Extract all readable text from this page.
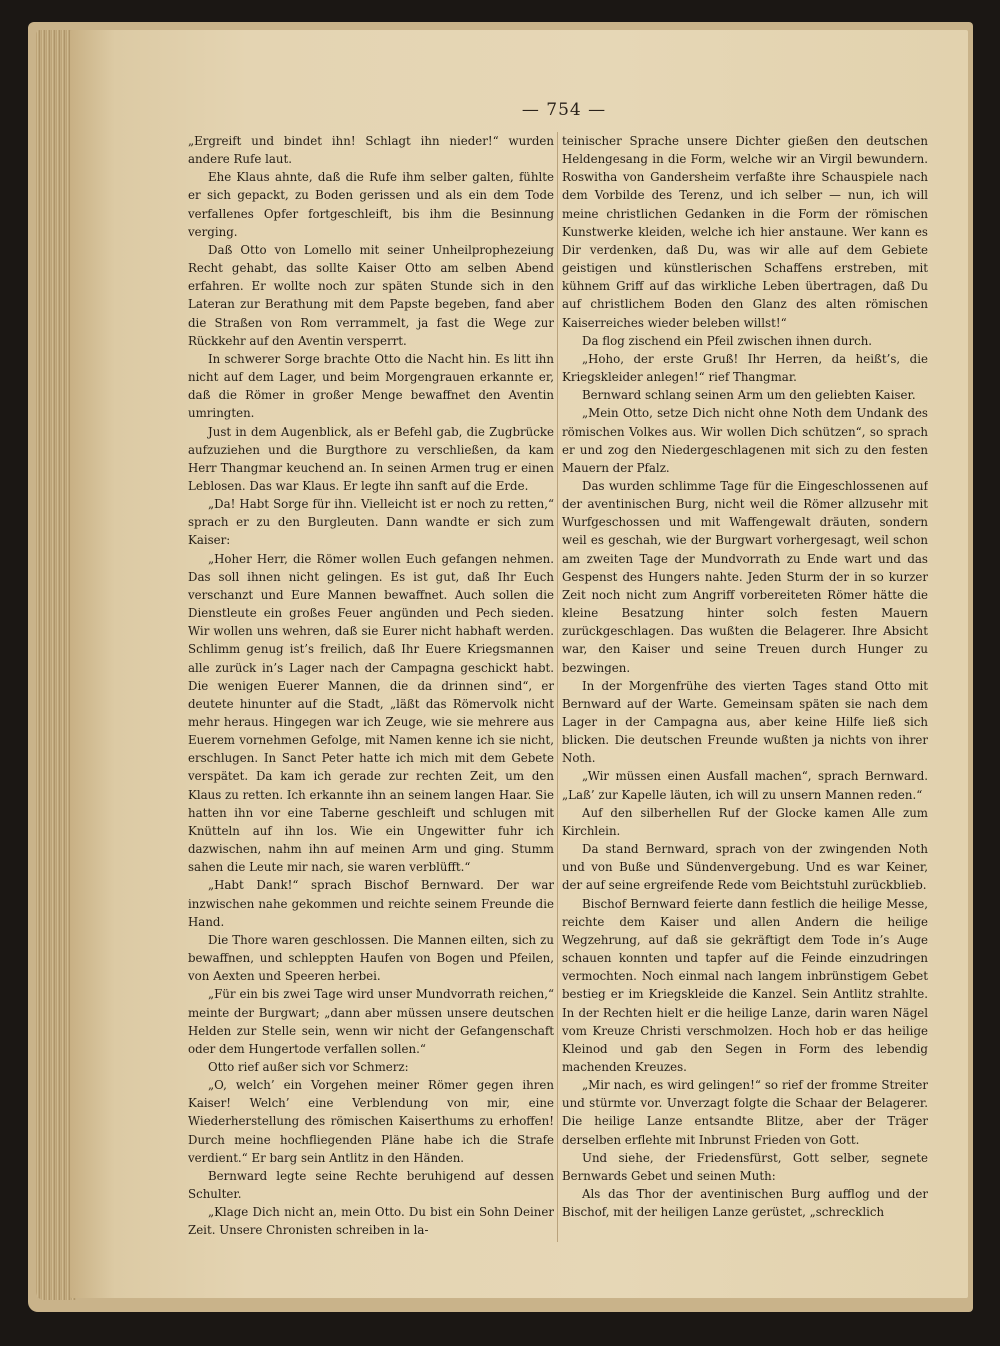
— 754 —

„Ergreift und bindet ihn! Schlagt ihn nieder!“ wurden andere Rufe laut.

Ehe Klaus ahnte, daß die Rufe ihm selber galten, fühlte er sich gepackt, zu Boden gerissen und als ein dem Tode verfallenes Opfer fortgeschleift, bis ihm die Besinnung verging.

Daß Otto von Lomello mit seiner Unheilprophezeiung Recht gehabt, das sollte Kaiser Otto am selben Abend erfahren. Er wollte noch zur späten Stunde sich in den Lateran zur Berathung mit dem Papste begeben, fand aber die Straßen von Rom verrammelt, ja fast die Wege zur Rückkehr auf den Aventin versperrt.

In schwerer Sorge brachte Otto die Nacht hin. Es litt ihn nicht auf dem Lager, und beim Morgengrauen erkannte er, daß die Römer in großer Menge bewaffnet den Aventin umringten.

Just in dem Augenblick, als er Befehl gab, die Zugbrücke aufzuziehen und die Burgthore zu verschließen, da kam Herr Thangmar keuchend an. In seinen Armen trug er einen Leblosen. Das war Klaus. Er legte ihn sanft auf die Erde.

„Da! Habt Sorge für ihn. Vielleicht ist er noch zu retten,“ sprach er zu den Burgleuten. Dann wandte er sich zum Kaiser:

„Hoher Herr, die Römer wollen Euch gefangen nehmen. Das soll ihnen nicht gelingen. Es ist gut, daß Ihr Euch verschanzt und Eure Mannen bewaffnet. Auch sollen die Dienstleute ein großes Feuer angünden und Pech sieden. Wir wollen uns wehren, daß sie Eurer nicht habhaft werden. Schlimm genug ist’s freilich, daß Ihr Euere Kriegsmannen alle zurück in’s Lager nach der Campagna geschickt habt. Die wenigen Euerer Mannen, die da drinnen sind“, er deutete hinunter auf die Stadt, „läßt das Römervolk nicht mehr heraus. Hingegen war ich Zeuge, wie sie mehrere aus Euerem vornehmen Gefolge, mit Namen kenne ich sie nicht, erschlugen. In Sanct Peter hatte ich mich mit dem Gebete verspätet. Da kam ich gerade zur rechten Zeit, um den Klaus zu retten. Ich erkannte ihn an seinem langen Haar. Sie hatten ihn vor eine Taberne geschleift und schlugen mit Knütteln auf ihn los. Wie ein Ungewitter fuhr ich dazwischen, nahm ihn auf meinen Arm und ging. Stumm sahen die Leute mir nach, sie waren verblüfft.“

„Habt Dank!“ sprach Bischof Bernward. Der war inzwischen nahe gekommen und reichte seinem Freunde die Hand.

Die Thore waren geschlossen. Die Mannen eilten, sich zu bewaffnen, und schleppten Haufen von Bogen und Pfeilen, von Aexten und Speeren herbei.

„Für ein bis zwei Tage wird unser Mundvorrath reichen,“ meinte der Burgwart; „dann aber müssen unsere deutschen Helden zur Stelle sein, wenn wir nicht der Gefangenschaft oder dem Hungertode verfallen sollen.“

Otto rief außer sich vor Schmerz:

„O, welch’ ein Vorgehen meiner Römer gegen ihren Kaiser! Welch’ eine Verblendung von mir, eine Wiederherstellung des römischen Kaiserthums zu erhoffen! Durch meine hochfliegenden Pläne habe ich die Strafe verdient.“ Er barg sein Antlitz in den Händen.

Bernward legte seine Rechte beruhigend auf dessen Schulter.

„Klage Dich nicht an, mein Otto. Du bist ein Sohn Deiner Zeit. Unsere Chronisten schreiben in la-

teinischer Sprache unsere Dichter gießen den deutschen Heldengesang in die Form, welche wir an Virgil bewundern. Roswitha von Gandersheim verfaßte ihre Schauspiele nach dem Vorbilde des Terenz, und ich selber — nun, ich will meine christlichen Gedanken in die Form der römischen Kunstwerke kleiden, welche ich hier anstaune. Wer kann es Dir verdenken, daß Du, was wir alle auf dem Gebiete geistigen und künstlerischen Schaffens erstreben, mit kühnem Griff auf das wirkliche Leben übertragen, daß Du auf christlichem Boden den Glanz des alten römischen Kaiserreiches wieder beleben willst!“

Da flog zischend ein Pfeil zwischen ihnen durch.

„Hoho, der erste Gruß! Ihr Herren, da heißt’s, die Kriegskleider anlegen!“ rief Thangmar.

Bernward schlang seinen Arm um den geliebten Kaiser.

„Mein Otto, setze Dich nicht ohne Noth dem Undank des römischen Volkes aus. Wir wollen Dich schützen“, so sprach er und zog den Niedergeschlagenen mit sich zu den festen Mauern der Pfalz.

Das wurden schlimme Tage für die Eingeschlossenen auf der aventinischen Burg, nicht weil die Römer allzusehr mit Wurfgeschossen und mit Waffengewalt dräuten, sondern weil es geschah, wie der Burgwart vorhergesagt, weil schon am zweiten Tage der Mundvorrath zu Ende wart und das Gespenst des Hungers nahte. Jeden Sturm der in so kurzer Zeit noch nicht zum Angriff vorbereiteten Römer hätte die kleine Besatzung hinter solch festen Mauern zurückgeschlagen. Das wußten die Belagerer. Ihre Absicht war, den Kaiser und seine Treuen durch Hunger zu bezwingen.

In der Morgenfrühe des vierten Tages stand Otto mit Bernward auf der Warte. Gemeinsam späten sie nach dem Lager in der Campagna aus, aber keine Hilfe ließ sich blicken. Die deutschen Freunde wußten ja nichts von ihrer Noth.

„Wir müssen einen Ausfall machen“, sprach Bernward. „Laß’ zur Kapelle läuten, ich will zu unsern Mannen reden.“

Auf den silberhellen Ruf der Glocke kamen Alle zum Kirchlein.

Da stand Bernward, sprach von der zwingenden Noth und von Buße und Sündenvergebung. Und es war Keiner, der auf seine ergreifende Rede vom Beichtstuhl zurückblieb.

Bischof Bernward feierte dann festlich die heilige Messe, reichte dem Kaiser und allen Andern die heilige Wegzehrung, auf daß sie gekräftigt dem Tode in’s Auge schauen konnten und tapfer auf die Feinde einzudringen vermochten. Noch einmal nach langem inbrünstigem Gebet bestieg er im Kriegskleide die Kanzel. Sein Antlitz strahlte. In der Rechten hielt er die heilige Lanze, darin waren Nägel vom Kreuze Christi verschmolzen. Hoch hob er das heilige Kleinod und gab den Segen in Form des lebendig machenden Kreuzes.

„Mir nach, es wird gelingen!“ so rief der fromme Streiter und stürmte vor. Unverzagt folgte die Schaar der Belagerer. Die heilige Lanze entsandte Blitze, aber der Träger derselben erflehte mit Inbrunst Frieden von Gott.

Und siehe, der Friedensfürst, Gott selber, segnete Bernwards Gebet und seinen Muth:

Als das Thor der aventinischen Burg aufflog und der Bischof, mit der heiligen Lanze gerüstet, „schrecklich
